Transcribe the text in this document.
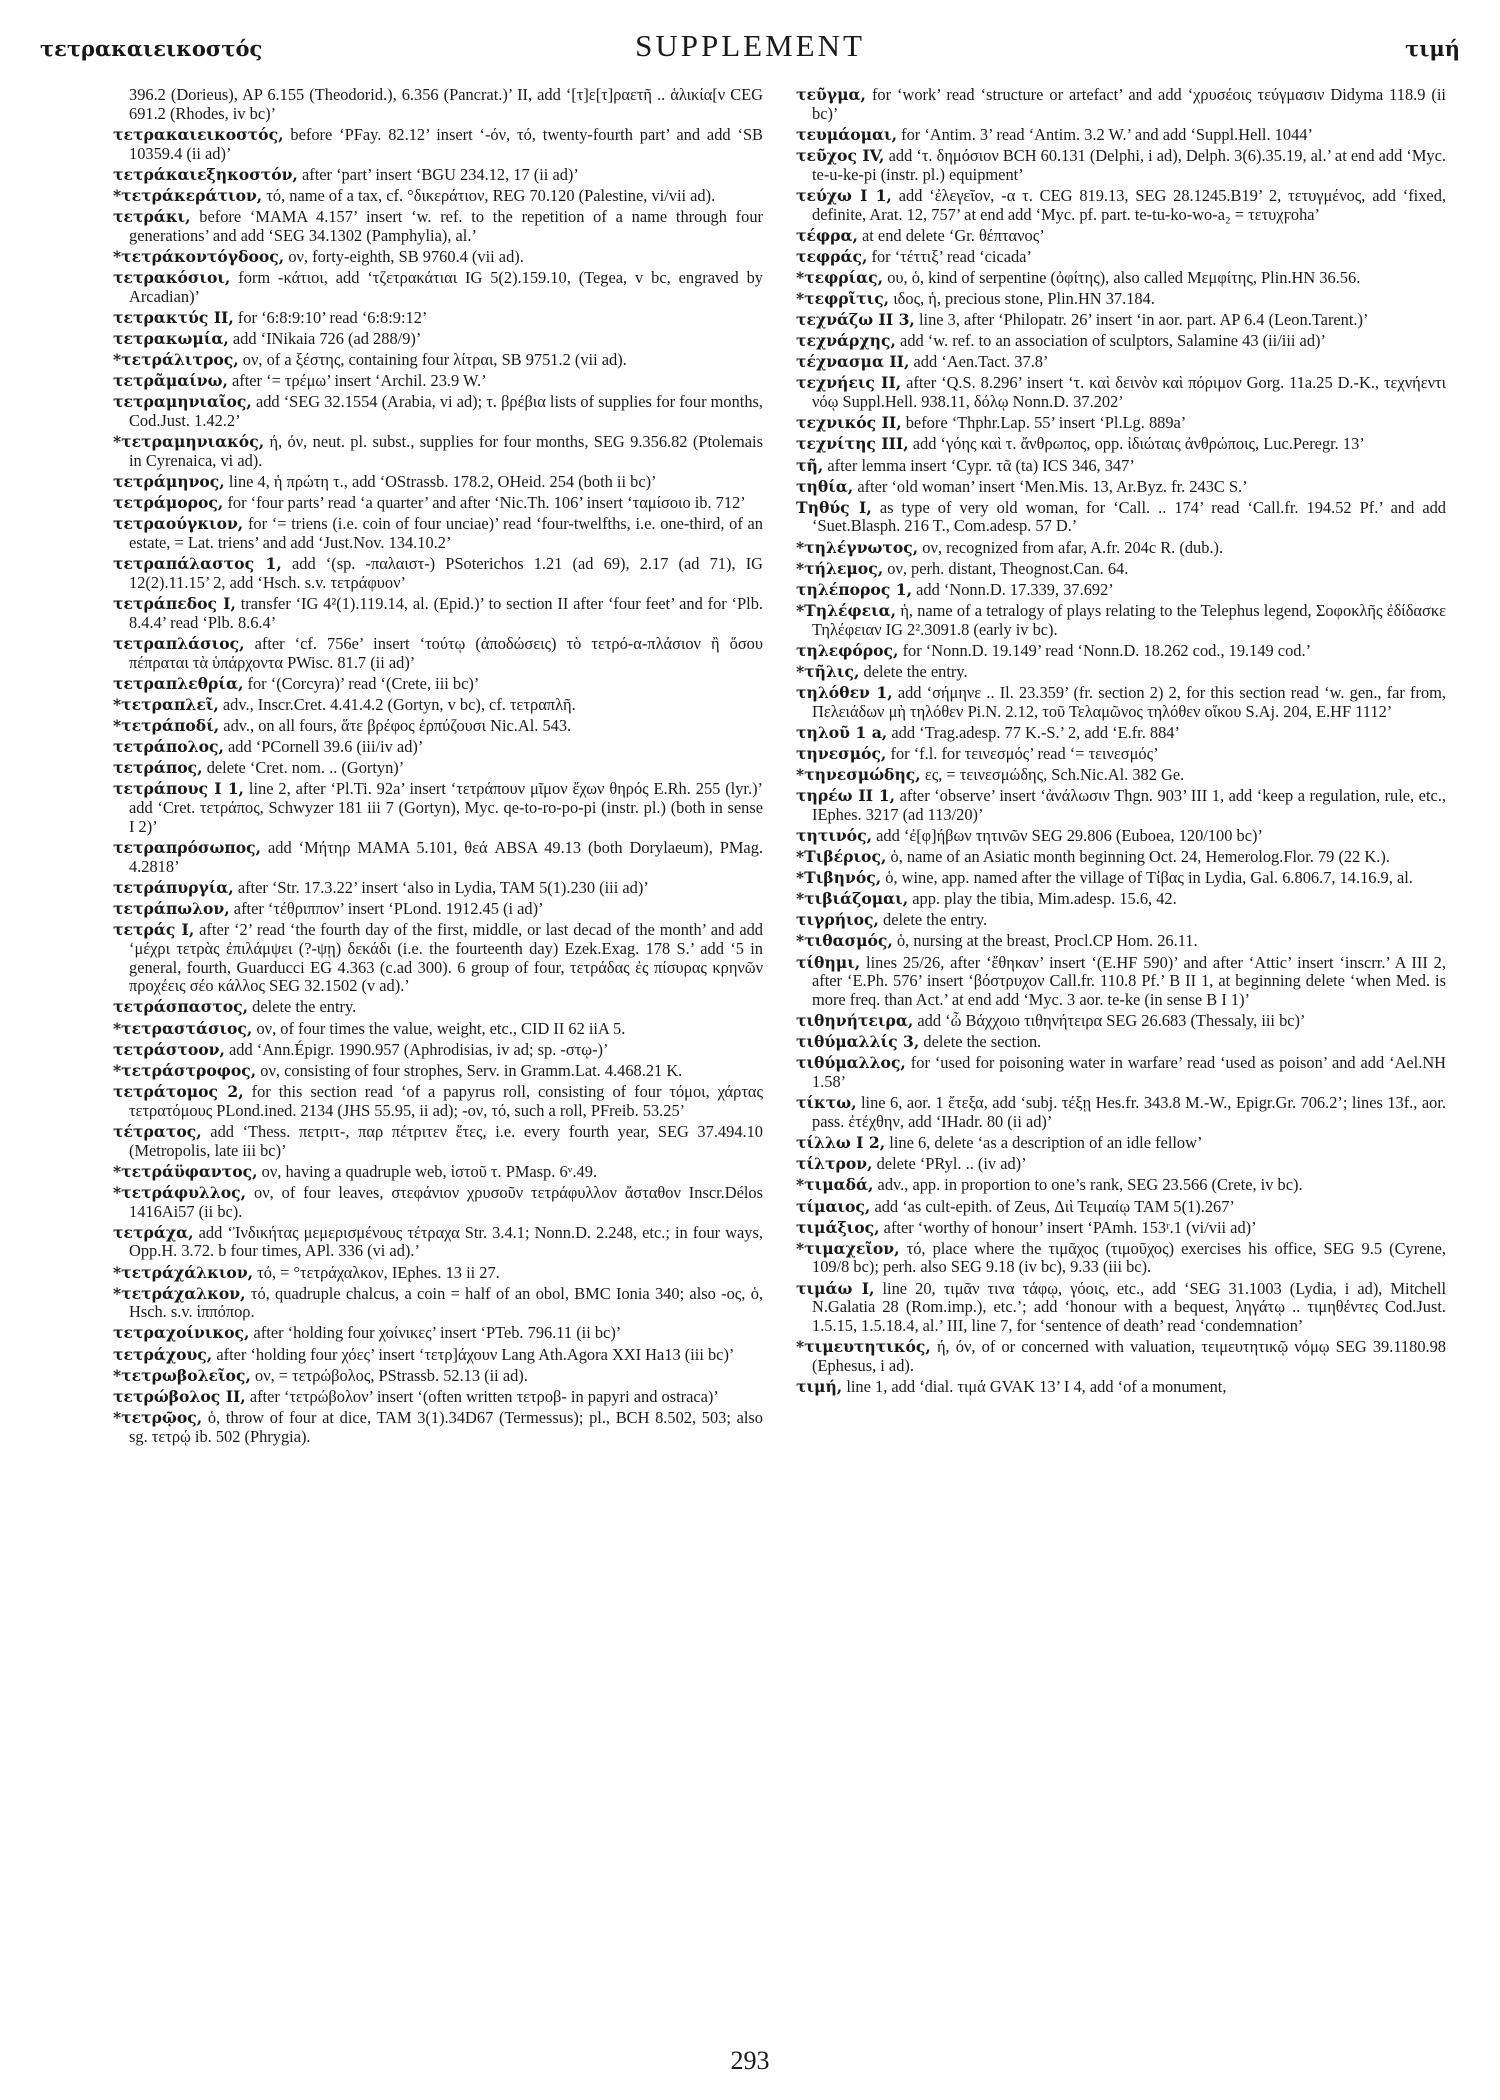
τετρακαιεικοστός	SUPPLEMENT	τιμή

396.2 (Dorieus), AP 6.155 (Theodorid.), 6.356 (Pancrat.)’ II, add ‘[τ]ε[τ]ραετῆ .. ἁλικία[ν CEG 691.2 (Rhodes, iv bc)’

τετρακαιεικοστός, before ‘PFay. 82.12’ insert ‘-όν, τό, twenty-fourth part’ and add ‘SB 10359.4 (ii ad)’

τετράκαιεξηκοστόν, after ‘part’ insert ‘BGU 234.12, 17 (ii ad)’

*τετράκεράτιον, τό, name of a tax, cf. °δικεράτιον, REG 70.120 (Palestine, vi/vii ad).

τετράκι, before ‘MAMA 4.157’ insert ‘w. ref. to the repetition of a name through four generations’ and add ‘SEG 34.1302 (Pamphylia), al.’

*τετράκοντόγδοος, ον, forty-eighth, SB 9760.4 (vii ad).

τετρακόσιοι, form -κάτιοι, add ‘τζετρακάτιαι IG 5(2).159.10, (Tegea, v bc, engraved by Arcadian)’

τετρακτύς II, for ‘6:8:9:10’ read ‘6:8:9:12’

τετρακωμία, add ‘INikaia 726 (ad 288/9)’

*τετράλιτρος, ον, of a ξέστης, containing four λίτραι, SB 9751.2 (vii ad).

τετρᾶμαίνω, after ‘= τρέμω’ insert ‘Archil. 23.9 W.’

τετραμηνιαῖος, add ‘SEG 32.1554 (Arabia, vi ad); τ. βρέβια lists of supplies for four months, Cod.Just. 1.42.2’

*τετραμηνιακός, ή, όν, neut. pl. subst., supplies for four months, SEG 9.356.82 (Ptolemais in Cyrenaica, vi ad).

τετράμηνος, line 4, ἡ πρώτη τ., add ‘OStrassb. 178.2, OHeid. 254 (both ii bc)’

τετράμορος, for ‘four parts’ read ‘a quarter’ and after ‘Nic.Th. 106’ insert ‘ταμίσοιο ib. 712’

τετραούγκιον, for ‘= triens (i.e. coin of four unciae)’ read ‘four-twelfths, i.e. one-third, of an estate, = Lat. triens’ and add ‘Just.Nov. 134.10.2’

τετραπάλαστος 1, add ‘(sp. -παλαιστ-) PSoterichos 1.21 (ad 69), 2.17 (ad 71), IG 12(2).11.15’ 2, add ‘Hsch. s.v. τετράφυον’

τετράπεδος I, transfer ‘IG 4²(1).119.14, al. (Epid.)’ to section II after ‘four feet’ and for ‘Plb. 8.4.4’ read ‘Plb. 8.6.4’

τετραπλάσιος, after ‘cf. 756e’ insert ‘τούτῳ (ἀποδώσεις) τὸ τετρό-α-πλάσιον ἢ ὅσου πέπραται τὰ ὑπάρχοντα PWisc. 81.7 (ii ad)’

τετραπλεθρία, for ‘(Corcyra)’ read ‘(Crete, iii bc)’

*τετραπλεῖ, adv., Inscr.Cret. 4.41.4.2 (Gortyn, v bc), cf. τετραπλῆ.

*τετράποδί, adv., on all fours, ἅτε βρέφος ἑρπύζουσι Nic.Al. 543.

τετράπολος, add ‘PCornell 39.6 (iii/iv ad)’

τετράπος, delete ‘Cret. nom. .. (Gortyn)’

τετράπους I 1, line 2, after ‘Pl.Ti. 92a’ insert ‘τετράπουν μῖμον ἔχων θηρός E.Rh. 255 (lyr.)’ add ‘Cret. τετράπος, Schwyzer 181 iii 7 (Gortyn), Myc. qe-to-ro-po-pi (instr. pl.) (both in sense I 2)’

τετραπρόσωπος, add ‘Μήτηρ MAMA 5.101, θεά ABSA 49.13 (both Dorylaeum), PMag. 4.2818’

τετράπυργία, after ‘Str. 17.3.22’ insert ‘also in Lydia, TAM 5(1).230 (iii ad)’

τετράπωλον, after ‘τέθριππον’ insert ‘PLond. 1912.45 (i ad)’

τετράς I, after ‘2’ read ‘the fourth day of the first, middle, or last decad of the month’ and add ‘μέχρι τετρὰς ἐπιλάμψει (?-ψῃ) δεκάδι (i.e. the fourteenth day) Ezek.Exag. 178 S.’ add ‘5 in general, fourth, Guarducci EG 4.363 (c.ad 300). 6 group of four, τετράδας ἐς πίσυρας κρηνῶν προχέεις σέο κάλλος SEG 32.1502 (v ad).’

τετράσπαστος, delete the entry.

*τετραστάσιος, ον, of four times the value, weight, etc., CID II 62 iiA 5.

τετράστοον, add ‘Ann.Épigr. 1990.957 (Aphrodisias, iv ad; sp. -στῳ-)’

*τετράστροφος, ον, consisting of four strophes, Serv. in Gramm.Lat. 4.468.21 K.

τετράτομος 2, for this section read ‘of a papyrus roll, consisting of four τόμοι, χάρτας τετρατόμους PLond.ined. 2134 (JHS 55.95, ii ad); -ον, τό, such a roll, PFreib. 53.25’

τέτρατος, add ‘Thess. πετριτ-, παρ πέτριτεν ἔτες, i.e. every fourth year, SEG 37.494.10 (Metropolis, late iii bc)’

*τετράϋφαντος, ον, having a quadruple web, ἱστοῦ τ. PMasp. 6ᵛ.49.

*τετράφυλλος, ον, of four leaves, στεφάνιον χρυσοῦν τετράφυλλον ἄσταθον Inscr.Délos 1416Ai57 (ii bc).

τετράχα, add ‘Ἰνδικήτας μεμερισμένους τέτραχα Str. 3.4.1; Nonn.D. 2.248, etc.; in four ways, Opp.H. 3.72. b four times, APl. 336 (vi ad).’

*τετράχάλκιον, τό, = °τετράχαλκον, IEphes. 13 ii 27.

*τετράχαλκον, τό, quadruple chalcus, a coin = half of an obol, BMC Ionia 340; also -ος, ὁ, Hsch. s.v. ἱππόπορ.

τετραχοίνικος, after ‘holding four χοίνικες’ insert ‘PTeb. 796.11 (ii bc)’

τετράχους, after ‘holding four χόες’ insert ‘τετρ]άχουν Lang Ath.Agora XXI Ha13 (iii bc)’

*τετρωβολεῖος, ον, = τετρώβολος, PStrassb. 52.13 (ii ad).

τετρώβολος II, after ‘τετρώβολον’ insert ‘(often written τετροβ- in papyri and ostraca)’

*τετρῷος, ὁ, throw of four at dice, TAM 3(1).34D67 (Termessus); pl., BCH 8.502, 503; also sg. τετρῴ ib. 502 (Phrygia).

τεῦγμα, for ‘work’ read ‘structure or artefact’ and add ‘χρυσέοις τεύγμασιν Didyma 118.9 (ii bc)’

τευμάομαι, for ‘Antim. 3’ read ‘Antim. 3.2 W.’ and add ‘Suppl.Hell. 1044’

τεῦχος IV, add ‘τ. δημόσιον BCH 60.131 (Delphi, i ad), Delph. 3(6).35.19, al.’ at end add ‘Myc. te-u-ke-pi (instr. pl.) equipment’

τεύχω I 1, add ‘ἐλεγεῖον, -α τ. CEG 819.13, SEG 28.1245.B19’ 2, τετυγμένος, add ‘fixed, definite, Arat. 12, 757’ at end add ‘Myc. pf. part. te-tu-ko-wo-a₂ = τετυχϝoha’

τέφρα, at end delete ‘Gr. θέπτανος’

τεφράς, for ‘τέττιξ’ read ‘cicada’

*τεφρίας, ου, ὁ, kind of serpentine (ὀφίτης), also called Μεμφίτης, Plin.HN 36.56.

*τεφρῖτις, ιδος, ἡ, precious stone, Plin.HN 37.184.

τεχνάζω II 3, line 3, after ‘Philopatr. 26’ insert ‘in aor. part. AP 6.4 (Leon.Tarent.)’

τεχνάρχης, add ‘w. ref. to an association of sculptors, Salamine 43 (ii/iii ad)’

τέχνασμα II, add ‘Aen.Tact. 37.8’

τεχνήεις II, after ‘Q.S. 8.296’ insert ‘τ. καὶ δεινὸν καὶ πόριμον Gorg. 11a.25 D.-K., τεχνήεντι νόῳ Suppl.Hell. 938.11, δόλῳ Nonn.D. 37.202’

τεχνικός II, before ‘Thphr.Lap. 55’ insert ‘Pl.Lg. 889a’

τεχνίτης III, add ‘γόης καὶ τ. ἄνθρωπος, opp. ἰδιώταις ἀνθρώποις, Luc.Peregr. 13’

τῆ, after lemma insert ‘Cypr. τᾶ (ta) ICS 346, 347’

τηθία, after ‘old woman’ insert ‘Men.Mis. 13, Ar.Byz. fr. 243C S.’

Τηθύς I, as type of very old woman, for ‘Call. .. 174’ read ‘Call.fr. 194.52 Pf.’ and add ‘Suet.Blasph. 216 T., Com.adesp. 57 D.’

*τηλέγνωτος, ον, recognized from afar, A.fr. 204c R. (dub.).

*τήλεμος, ον, perh. distant, Theognost.Can. 64.

τηλέπορος 1, add ‘Nonn.D. 17.339, 37.692’

*Τηλέφεια, ἡ, name of a tetralogy of plays relating to the Telephus legend, Σοφοκλῆς ἐδίδασκε Τηλέφειαν IG 2².3091.8 (early iv bc).

τηλεφόρος, for ‘Nonn.D. 19.149’ read ‘Nonn.D. 18.262 cod., 19.149 cod.’

*τῆλις, delete the entry.

τηλόθεν 1, add ‘σήμηνε .. Il. 23.359’ (fr. section 2) 2, for this section read ‘w. gen., far from, Πελειάδων μὴ τηλόθεν Pi.N. 2.12, τοῦ Τελαμῶνος τηλόθεν οἴκου S.Aj. 204, E.HF 1112’

τηλοῦ 1 a, add ‘Trag.adesp. 77 K.-S.’ 2, add ‘E.fr. 884’

τηνεσμός, for ‘f.l. for τεινεσμός’ read ‘= τεινεσμός’

*τηνεσμώδης, ες, = τεινεσμώδης, Sch.Nic.Al. 382 Ge.

τηρέω II 1, after ‘observe’ insert ‘ἀνάλωσιν Thgn. 903’ III 1, add ‘keep a regulation, rule, etc., IEphes. 3217 (ad 113/20)’

τητινός, add ‘ἐ[φ]ήβων τητινῶν SEG 29.806 (Euboea, 120/100 bc)’

*Τιβέριος, ὁ, name of an Asiatic month beginning Oct. 24, Hemerolog.Flor. 79 (22 K.).

*Τιβηνός, ὁ, wine, app. named after the village of Τίβας in Lydia, Gal. 6.806.7, 14.16.9, al.

*τιβιάζομαι, app. play the tibia, Mim.adesp. 15.6, 42.

τιγρήιος, delete the entry.

*τιθασμός, ὁ, nursing at the breast, Procl.CP Hom. 26.11.

τίθημι, lines 25/26, after ‘ἔθηκαν’ insert ‘(E.HF 590)’ and after ‘Attic’ insert ‘inscrr.’ A III 2, after ‘E.Ph. 576’ insert ‘βόστρυχον Call.fr. 110.8 Pf.’ B II 1, at beginning delete ‘when Med. is more freq. than Act.’ at end add ‘Myc. 3 aor. te-ke (in sense B I 1)’

τιθηνήτειρα, add ‘ὦ Βάχχοιο τιθηνήτειρα SEG 26.683 (Thessaly, iii bc)’

τιθύμαλλίς 3, delete the section.

τιθύμαλλος, for ‘used for poisoning water in warfare’ read ‘used as poison’ and add ‘Ael.NH 1.58’

τίκτω, line 6, aor. 1 ἔτεξα, add ‘subj. τέξῃ Hes.fr. 343.8 M.-W., Epigr.Gr. 706.2’; lines 13f., aor. pass. ἐτέχθην, add ‘IHadr. 80 (ii ad)’

τίλλω I 2, line 6, delete ‘as a description of an idle fellow’

τίλτρον, delete ‘PRyl. .. (iv ad)’

*τιμαδά, adv., app. in proportion to one’s rank, SEG 23.566 (Crete, iv bc).

τίμαιος, add ‘as cult-epith. of Zeus, Διὶ Τειμαίῳ TAM 5(1).267’

τιμάξιος, after ‘worthy of honour’ insert ‘PAmh. 153ʳ.1 (vi/vii ad)’

*τιμαχεῖον, τό, place where the τιμᾶχος (τιμοῦχος) exercises his office, SEG 9.5 (Cyrene, 109/8 bc); perh. also SEG 9.18 (iv bc), 9.33 (iii bc).

τιμάω I, line 20, τιμᾶν τινα τάφῳ, γόοις, etc., add ‘SEG 31.1003 (Lydia, i ad), Mitchell N.Galatia 28 (Rom.imp.), etc.’; add ‘honour with a bequest, ληγάτῳ .. τιμηθέντες Cod.Just. 1.5.15, 1.5.18.4, al.’ III, line 7, for ‘sentence of death’ read ‘condemnation’

*τιμευτητικός, ή, όν, of or concerned with valuation, τειμευτητικῷ νόμῳ SEG 39.1180.98 (Ephesus, i ad).

τιμή, line 1, add ‘dial. τιμά GVAK 13’ I 4, add ‘of a monument,

293
